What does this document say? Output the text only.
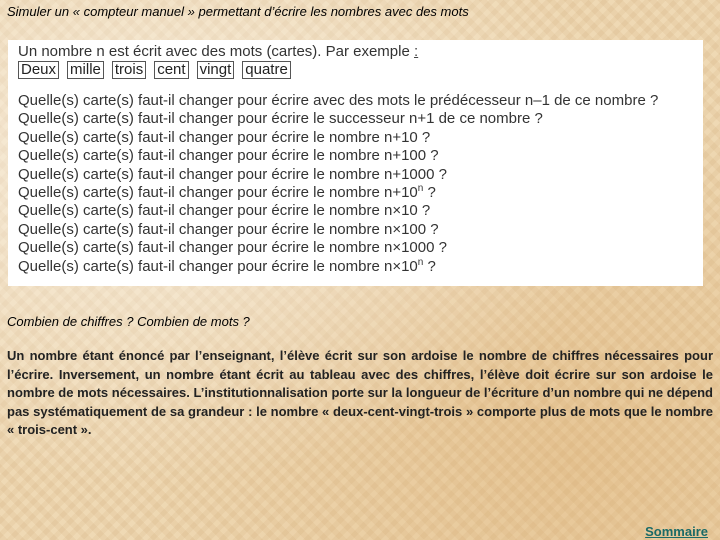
Simuler un « compteur manuel » permettant d’écrire les nombres avec des mots
Un nombre n est écrit avec des mots (cartes). Par exemple :
Deux mille trois cent vingt quatre
Quelle(s) carte(s) faut-il changer pour écrire avec des mots le prédécesseur n–1 de ce nombre ?
Quelle(s) carte(s) faut-il changer pour écrire le successeur n+1 de ce nombre ?
Quelle(s) carte(s) faut-il changer pour écrire le nombre n+10 ?
Quelle(s) carte(s) faut-il changer pour écrire le nombre n+100 ?
Quelle(s) carte(s) faut-il changer pour écrire le nombre n+1000 ?
Quelle(s) carte(s) faut-il changer pour écrire le nombre $n+10^n$ ?
Quelle(s) carte(s) faut-il changer pour écrire le nombre n×10 ?
Quelle(s) carte(s) faut-il changer pour écrire le nombre n×100 ?
Quelle(s) carte(s) faut-il changer pour écrire le nombre n×1000 ?
Quelle(s) carte(s) faut-il changer pour écrire le nombre $n\times 10^n$ ?
Combien de chiffres ? Combien de mots ?
Un nombre étant énoncé par l’enseignant, l’élève écrit sur son ardoise le nombre de chiffres nécessaires pour l’écrire. Inversement, un nombre étant écrit au tableau avec des chiffres, l’élève doit écrire sur son ardoise le nombre de mots nécessaires. L’institutionnalisation porte sur la longueur de l’écriture d’un nombre qui ne dépend pas systématiquement de sa grandeur : le nombre « deux-cent-vingt-trois » comporte plus de mots que le nombre « trois-cent ».
Sommaire
